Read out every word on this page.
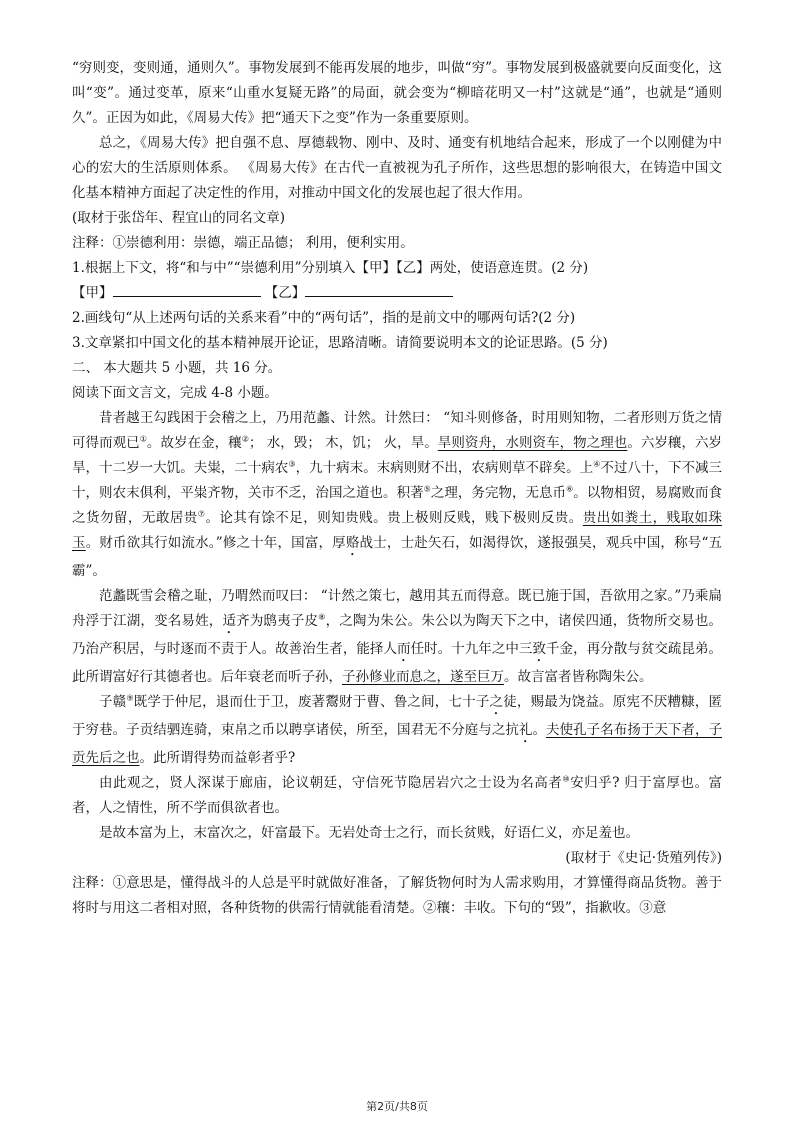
“穷则变，变则通，通则久”。事物发展到不能再发展的地步，叫做“穷”。事物发展到极盛就要向反面变化，这叫“变”。通过变革，原来“山重水复疑无路”的局面，就会变为“柳暗花明又一村”这就是“通”，也就是“通则久”。正因为如此，《周易大传》把“通天下之变”作为一条重要原则。

总之，《周易大传》把自强不息、厚德载物、刚中、及时、通变有机地结合起来，形成了一个以刚健为中心的宏大的生活原则体系。 《周易大传》在古代一直被视为孔子所作，这些思想的影响很大，在铸造中国文化基本精神方面起了决定性的作用，对推动中国文化的发展也起了很大作用。

(取材于张岱年、程宜山的同名文章)

注释：①崇德利用：崇德，端正品德； 利用，便利实用。

1.根据上下文，将“和与中”“崇德利用”分别填入【甲】【乙】两处，使语意连贯。(2 分)

【甲】	【乙】

2.画线句“从上述两句话的关系来看”中的“两句话”，指的是前文中的哪两句话?(2 分)

3.文章紧扣中国文化的基本精神展开论证，思路清晰。请简要说明本文的论证思路。(5 分)

二、 本大题共 5 小题，共 16 分。

阅读下面文言文，完成 4-8 小题。

昔者越王勾践困于会稽之上，乃用范蠡、计然。计然曰： “知斗则修备，时用则知物，二者形则万货之情可得而观已①。故岁在金，穰②； 水，毁； 木，饥； 火，旱。旱则资舟，水则资车，物之理也。六岁穰，六岁旱，十二岁一大饥。夫粜，二十病农③，九十病末。末病则财不出，农病则草不辟矣。上④不过八十，下不减三十，则农末俱利，平粜齐物，关市不乏，治国之道也。积著⑤之理，务完物，无息币⑥。以物相贸，易腐败而食之货勿留，无敢居贵⑦。论其有馀不足，则知贵贱。贵上极则反贱，贱下极则反贵。贵出如粪土，贱取如珠玉。财币欲其行如流水。”修之十年，国富，厚赂战士，士赴矢石，如渴得饮，遂报强吴，观兵中国，称号“五霸”。

范蠡既雪会稽之耻，乃喟然而叹曰： “计然之策七，越用其五而得意。既已施于国，吾欲用之家。”乃乘扁舟浮于江湖，变名易姓，适齐为鸱夷子皮⑧，之陶为朱公。朱公以为陶天下之中，诸侯四通，货物所交易也。乃治产积居，与时逐而不责于人。故善治生者，能择人而任时。十九年之中三致千金，再分散与贫交疏昆弟。此所谓富好行其德者也。后年衰老而听子孙，子孙修业而息之，遂至巨万。故言富者皆称陶朱公。

子赣⑨既学于仲尼，退而仕于卫，废著鬻财于曹、鲁之间，七十子之徒，赐最为饶益。原宪不厌糟糠，匿于穷巷。子贡结驷连骑，束帛之币以聘享诸侯，所至，国君无不分庭与之抗礼。夫使孔子名布扬于天下者，子贡先后之也。此所谓得势而益彰者乎?

由此观之，贤人深谋于廊庙，论议朝廷，守信死节隐居岩穴之士设为名高者⑩安归乎? 归于富厚也。富者，人之情性，所不学而俱欲者也。

是故本富为上，末富次之，奸富最下。无岩处奇士之行，而长贫贱，好语仁义，亦足羞也。

(取材于《史记·货殖列传》)

注释：①意思是，懂得战斗的人总是平时就做好准备，了解货物何时为人需求购用，才算懂得商品货物。善于将时与用这二者相对照，各种货物的供需行情就能看清楚。②穰：丰收。下句的“毁”，指歉收。③意

第2页/共8页
